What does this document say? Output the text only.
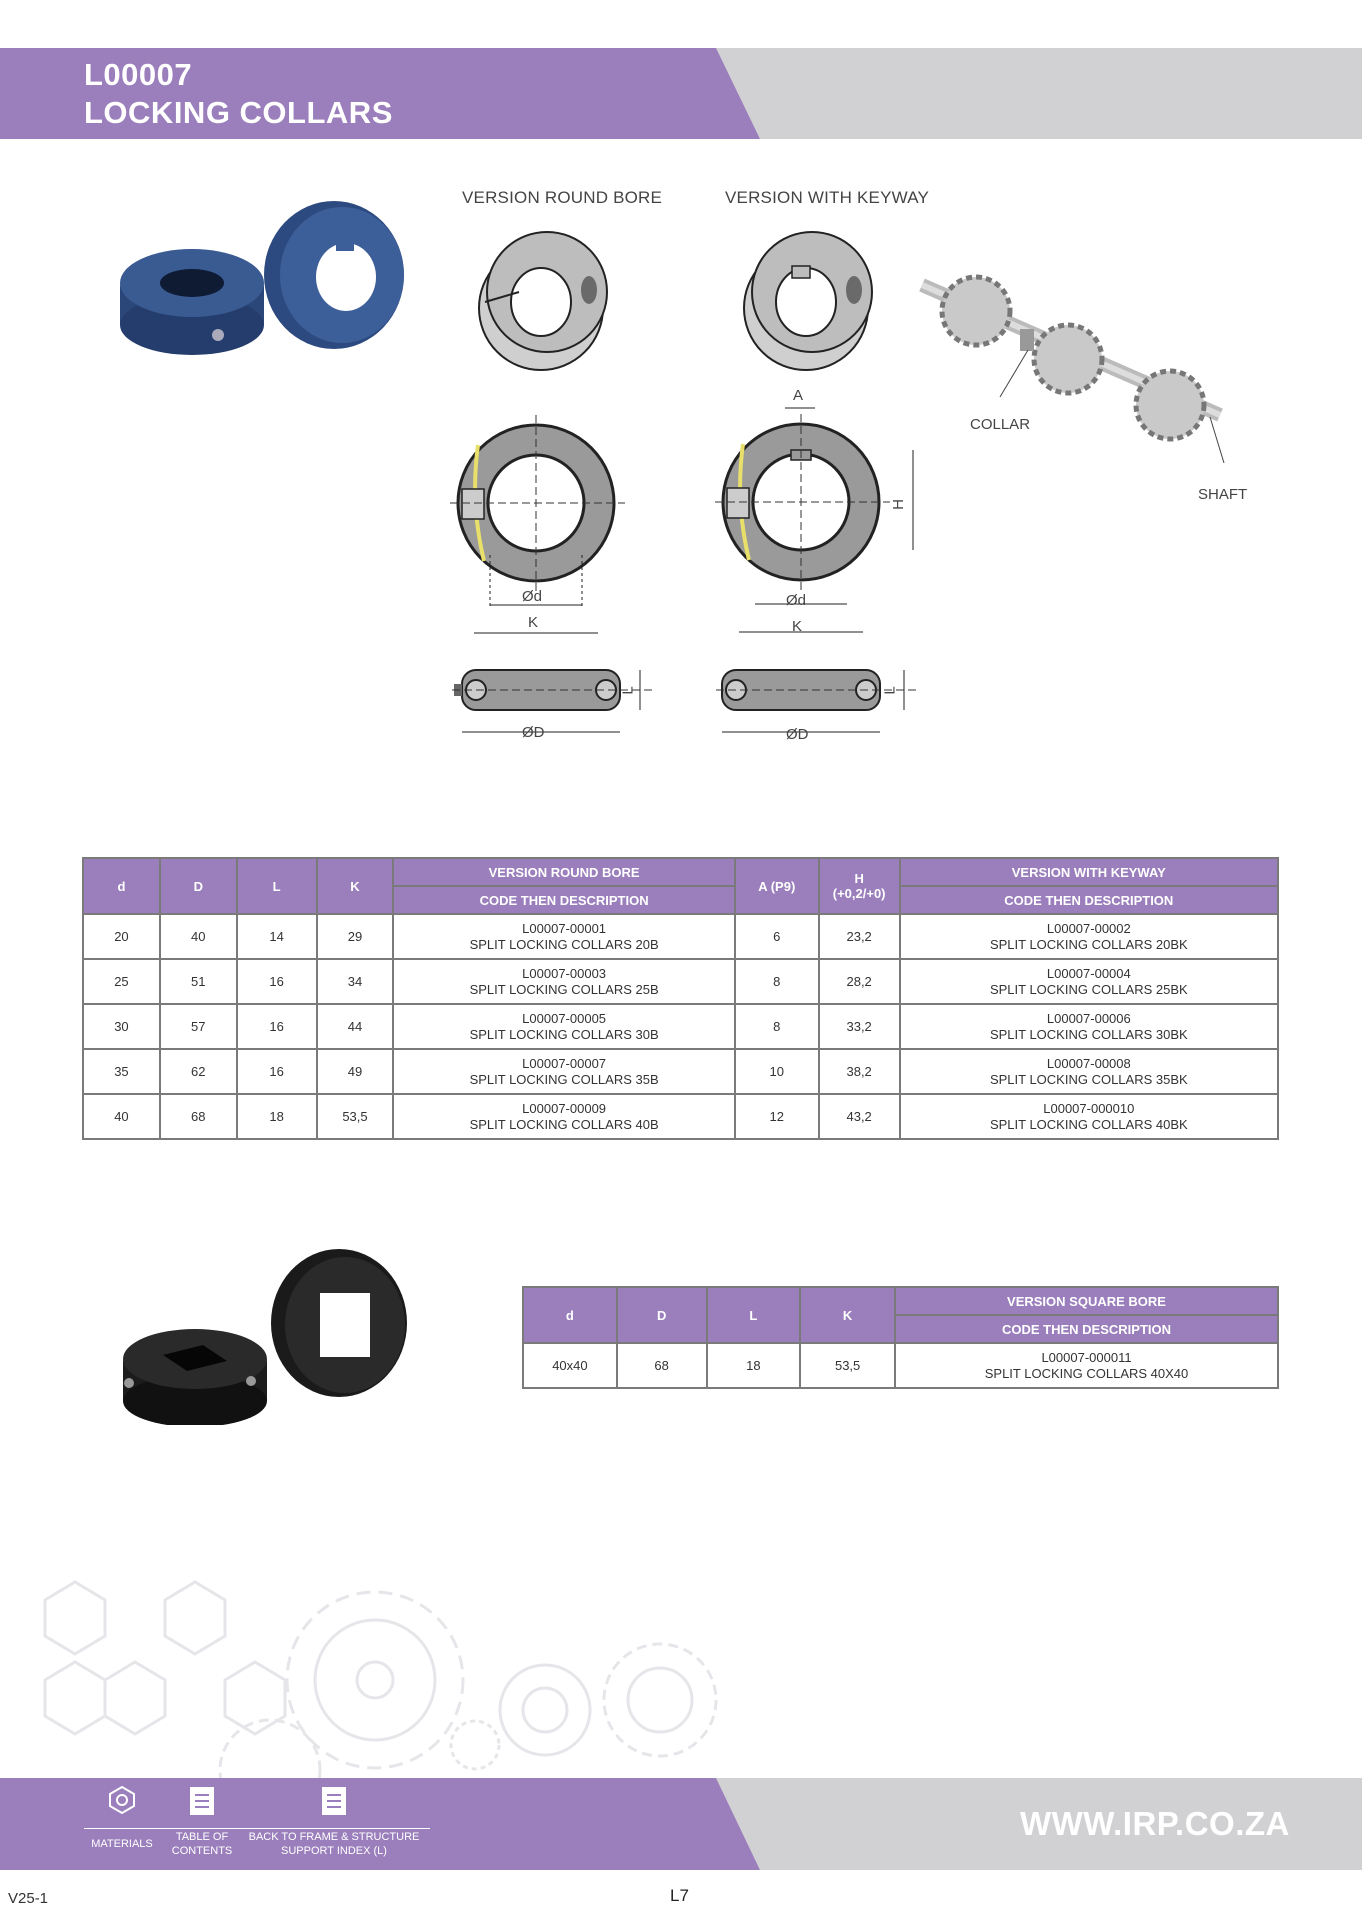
L00007
LOCKING COLLARS
VERSION ROUND BORE	VERSION WITH KEYWAY
COLLAR
SHAFT
Ød
K
A
H
Ød
K
ØD
L
ØD
L
d	D	L	K	VERSION ROUND BORE	A (P9)	H
(+0,2/+0)	VERSION WITH KEYWAY
				CODE THEN DESCRIPTION			CODE THEN DESCRIPTION
20	40	14	29	L00007-00001
SPLIT LOCKING COLLARS 20B	6	23,2	L00007-00002
SPLIT LOCKING COLLARS 20BK

25	51	16	34	L00007-00003
SPLIT LOCKING COLLARS 25B	8	28,2	L00007-00004
SPLIT LOCKING COLLARS 25BK

30	57	16	44	L00007-00005
SPLIT LOCKING COLLARS 30B	8	33,2	L00007-00006
SPLIT LOCKING COLLARS 30BK

35	62	16	49	L00007-00007
SPLIT LOCKING COLLARS 35B	10	38,2	L00007-00008
SPLIT LOCKING COLLARS 35BK

40	68	18	53,5	L00007-00009
SPLIT LOCKING COLLARS 40B	12	43,2	L00007-000010
SPLIT LOCKING COLLARS 40BK
d	D	L	K	VERSION SQUARE BORE
				CODE THEN DESCRIPTION
40x40	68	18	53,5	L00007-000011
SPLIT LOCKING COLLARS 40X40
MATERIALS
TABLE OF
CONTENTS
BACK TO FRAME & STRUCTURE
SUPPORT INDEX (L)
WWW.IRP.CO.ZA
V25-1	L7
